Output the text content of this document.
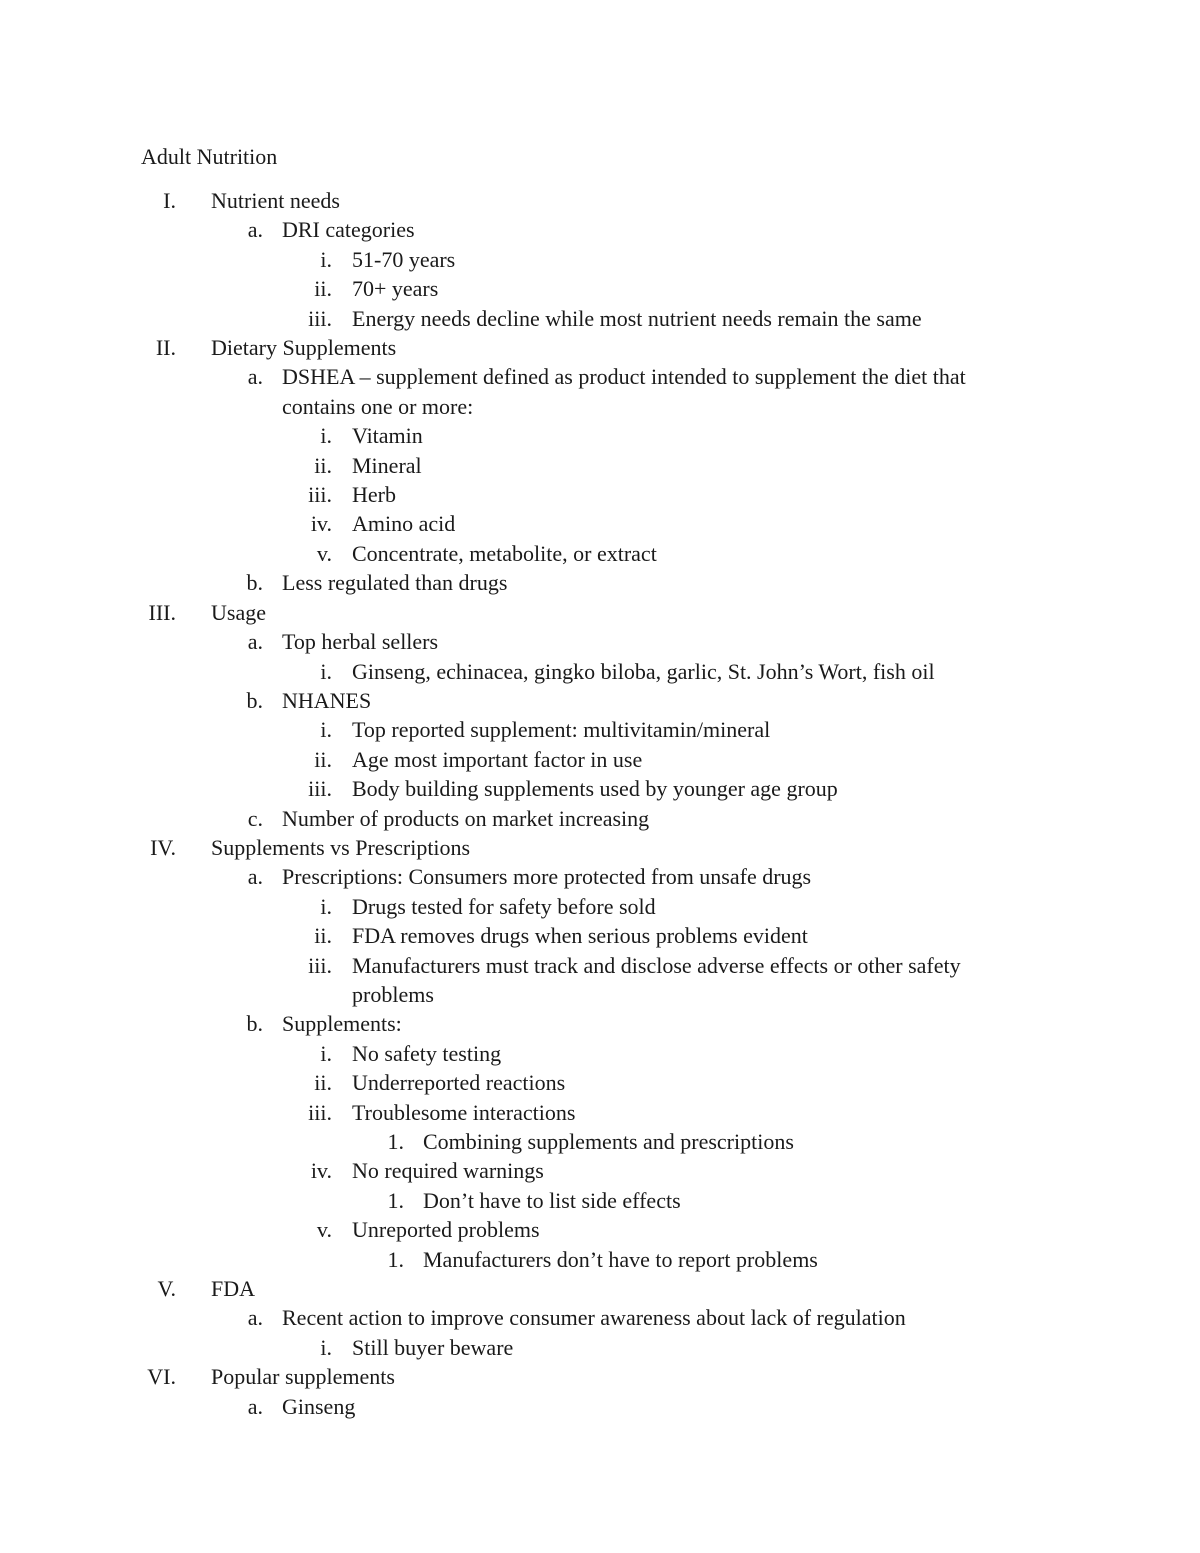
Adult Nutrition
I. Nutrient needs
a. DRI categories
i. 51-70 years
ii. 70+ years
iii. Energy needs decline while most nutrient needs remain the same
II. Dietary Supplements
a. DSHEA – supplement defined as product intended to supplement the diet that contains one or more:
i. Vitamin
ii. Mineral
iii. Herb
iv. Amino acid
v. Concentrate, metabolite, or extract
b. Less regulated than drugs
III. Usage
a. Top herbal sellers
i. Ginseng, echinacea, gingko biloba, garlic, St. John’s Wort, fish oil
b. NHANES
i. Top reported supplement: multivitamin/mineral
ii. Age most important factor in use
iii. Body building supplements used by younger age group
c. Number of products on market increasing
IV. Supplements vs Prescriptions
a. Prescriptions: Consumers more protected from unsafe drugs
i. Drugs tested for safety before sold
ii. FDA removes drugs when serious problems evident
iii. Manufacturers must track and disclose adverse effects or other safety problems
b. Supplements:
i. No safety testing
ii. Underreported reactions
iii. Troublesome interactions
1. Combining supplements and prescriptions
iv. No required warnings
1. Don’t have to list side effects
v. Unreported problems
1. Manufacturers don’t have to report problems
V. FDA
a. Recent action to improve consumer awareness about lack of regulation
i. Still buyer beware
VI. Popular supplements
a. Ginseng
